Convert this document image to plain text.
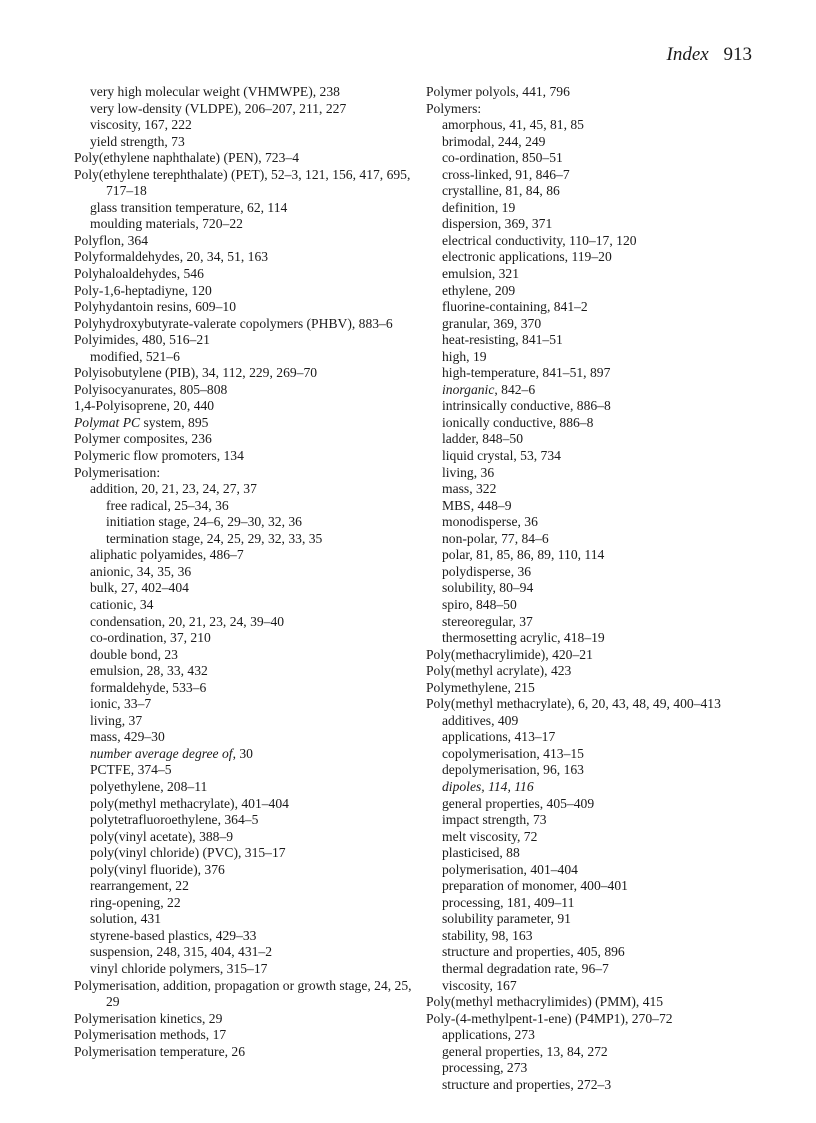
Index 913
very high molecular weight (VHMWPE), 238
very low-density (VLDPE), 206–207, 211, 227
viscosity, 167, 222
yield strength, 73
Poly(ethylene naphthalate) (PEN), 723–4
Poly(ethylene terephthalate) (PET), 52–3, 121, 156, 417, 695, 717–18
glass transition temperature, 62, 114
moulding materials, 720–22
Polyflon, 364
Polyformaldehydes, 20, 34, 51, 163
Polyhaloaldehydes, 546
Poly-1,6-heptadiyne, 120
Polyhydantoin resins, 609–10
Polyhydroxybutyrate-valerate copolymers (PHBV), 883–6
Polyimides, 480, 516–21
modified, 521–6
Polyisobutylene (PIB), 34, 112, 229, 269–70
Polyisocyanurates, 805–808
1,4-Polyisoprene, 20, 440
Polymat PC system, 895
Polymer composites, 236
Polymeric flow promoters, 134
Polymerisation:
addition, 20, 21, 23, 24, 27, 37
free radical, 25–34, 36
initiation stage, 24–6, 29–30, 32, 36
termination stage, 24, 25, 29, 32, 33, 35
aliphatic polyamides, 486–7
anionic, 34, 35, 36
bulk, 27, 402–404
cationic, 34
condensation, 20, 21, 23, 24, 39–40
co-ordination, 37, 210
double bond, 23
emulsion, 28, 33, 432
formaldehyde, 533–6
ionic, 33–7
living, 37
mass, 429–30
number average degree of, 30
PCTFE, 374–5
polyethylene, 208–11
poly(methyl methacrylate), 401–404
polytetrafluoroethylene, 364–5
poly(vinyl acetate), 388–9
poly(vinyl chloride) (PVC), 315–17
poly(vinyl fluoride), 376
rearrangement, 22
ring-opening, 22
solution, 431
styrene-based plastics, 429–33
suspension, 248, 315, 404, 431–2
vinyl chloride polymers, 315–17
Polymerisation, addition, propagation or growth stage, 24, 25, 29
Polymerisation kinetics, 29
Polymerisation methods, 17
Polymerisation temperature, 26
Polymer polyols, 441, 796
Polymers:
amorphous, 41, 45, 81, 85
brimodal, 244, 249
co-ordination, 850–51
cross-linked, 91, 846–7
crystalline, 81, 84, 86
definition, 19
dispersion, 369, 371
electrical conductivity, 110–17, 120
electronic applications, 119–20
emulsion, 321
ethylene, 209
fluorine-containing, 841–2
granular, 369, 370
heat-resisting, 841–51
high, 19
high-temperature, 841–51, 897
inorganic, 842–6
intrinsically conductive, 886–8
ionically conductive, 886–8
ladder, 848–50
liquid crystal, 53, 734
living, 36
mass, 322
MBS, 448–9
monodisperse, 36
non-polar, 77, 84–6
polar, 81, 85, 86, 89, 110, 114
polydisperse, 36
solubility, 80–94
spiro, 848–50
stereoregular, 37
thermosetting acrylic, 418–19
Poly(methacrylimide), 420–21
Poly(methyl acrylate), 423
Polymethylene, 215
Poly(methyl methacrylate), 6, 20, 43, 48, 49, 400–413
additives, 409
applications, 413–17
copolymerisation, 413–15
depolymerisation, 96, 163
dipoles, 114, 116
general properties, 405–409
impact strength, 73
melt viscosity, 72
plasticised, 88
polymerisation, 401–404
preparation of monomer, 400–401
processing, 181, 409–11
solubility parameter, 91
stability, 98, 163
structure and properties, 405, 896
thermal degradation rate, 96–7
viscosity, 167
Poly(methyl methacrylimides) (PMM), 415
Poly-(4-methylpent-1-ene) (P4MP1), 270–72
applications, 273
general properties, 13, 84, 272
processing, 273
structure and properties, 272–3
